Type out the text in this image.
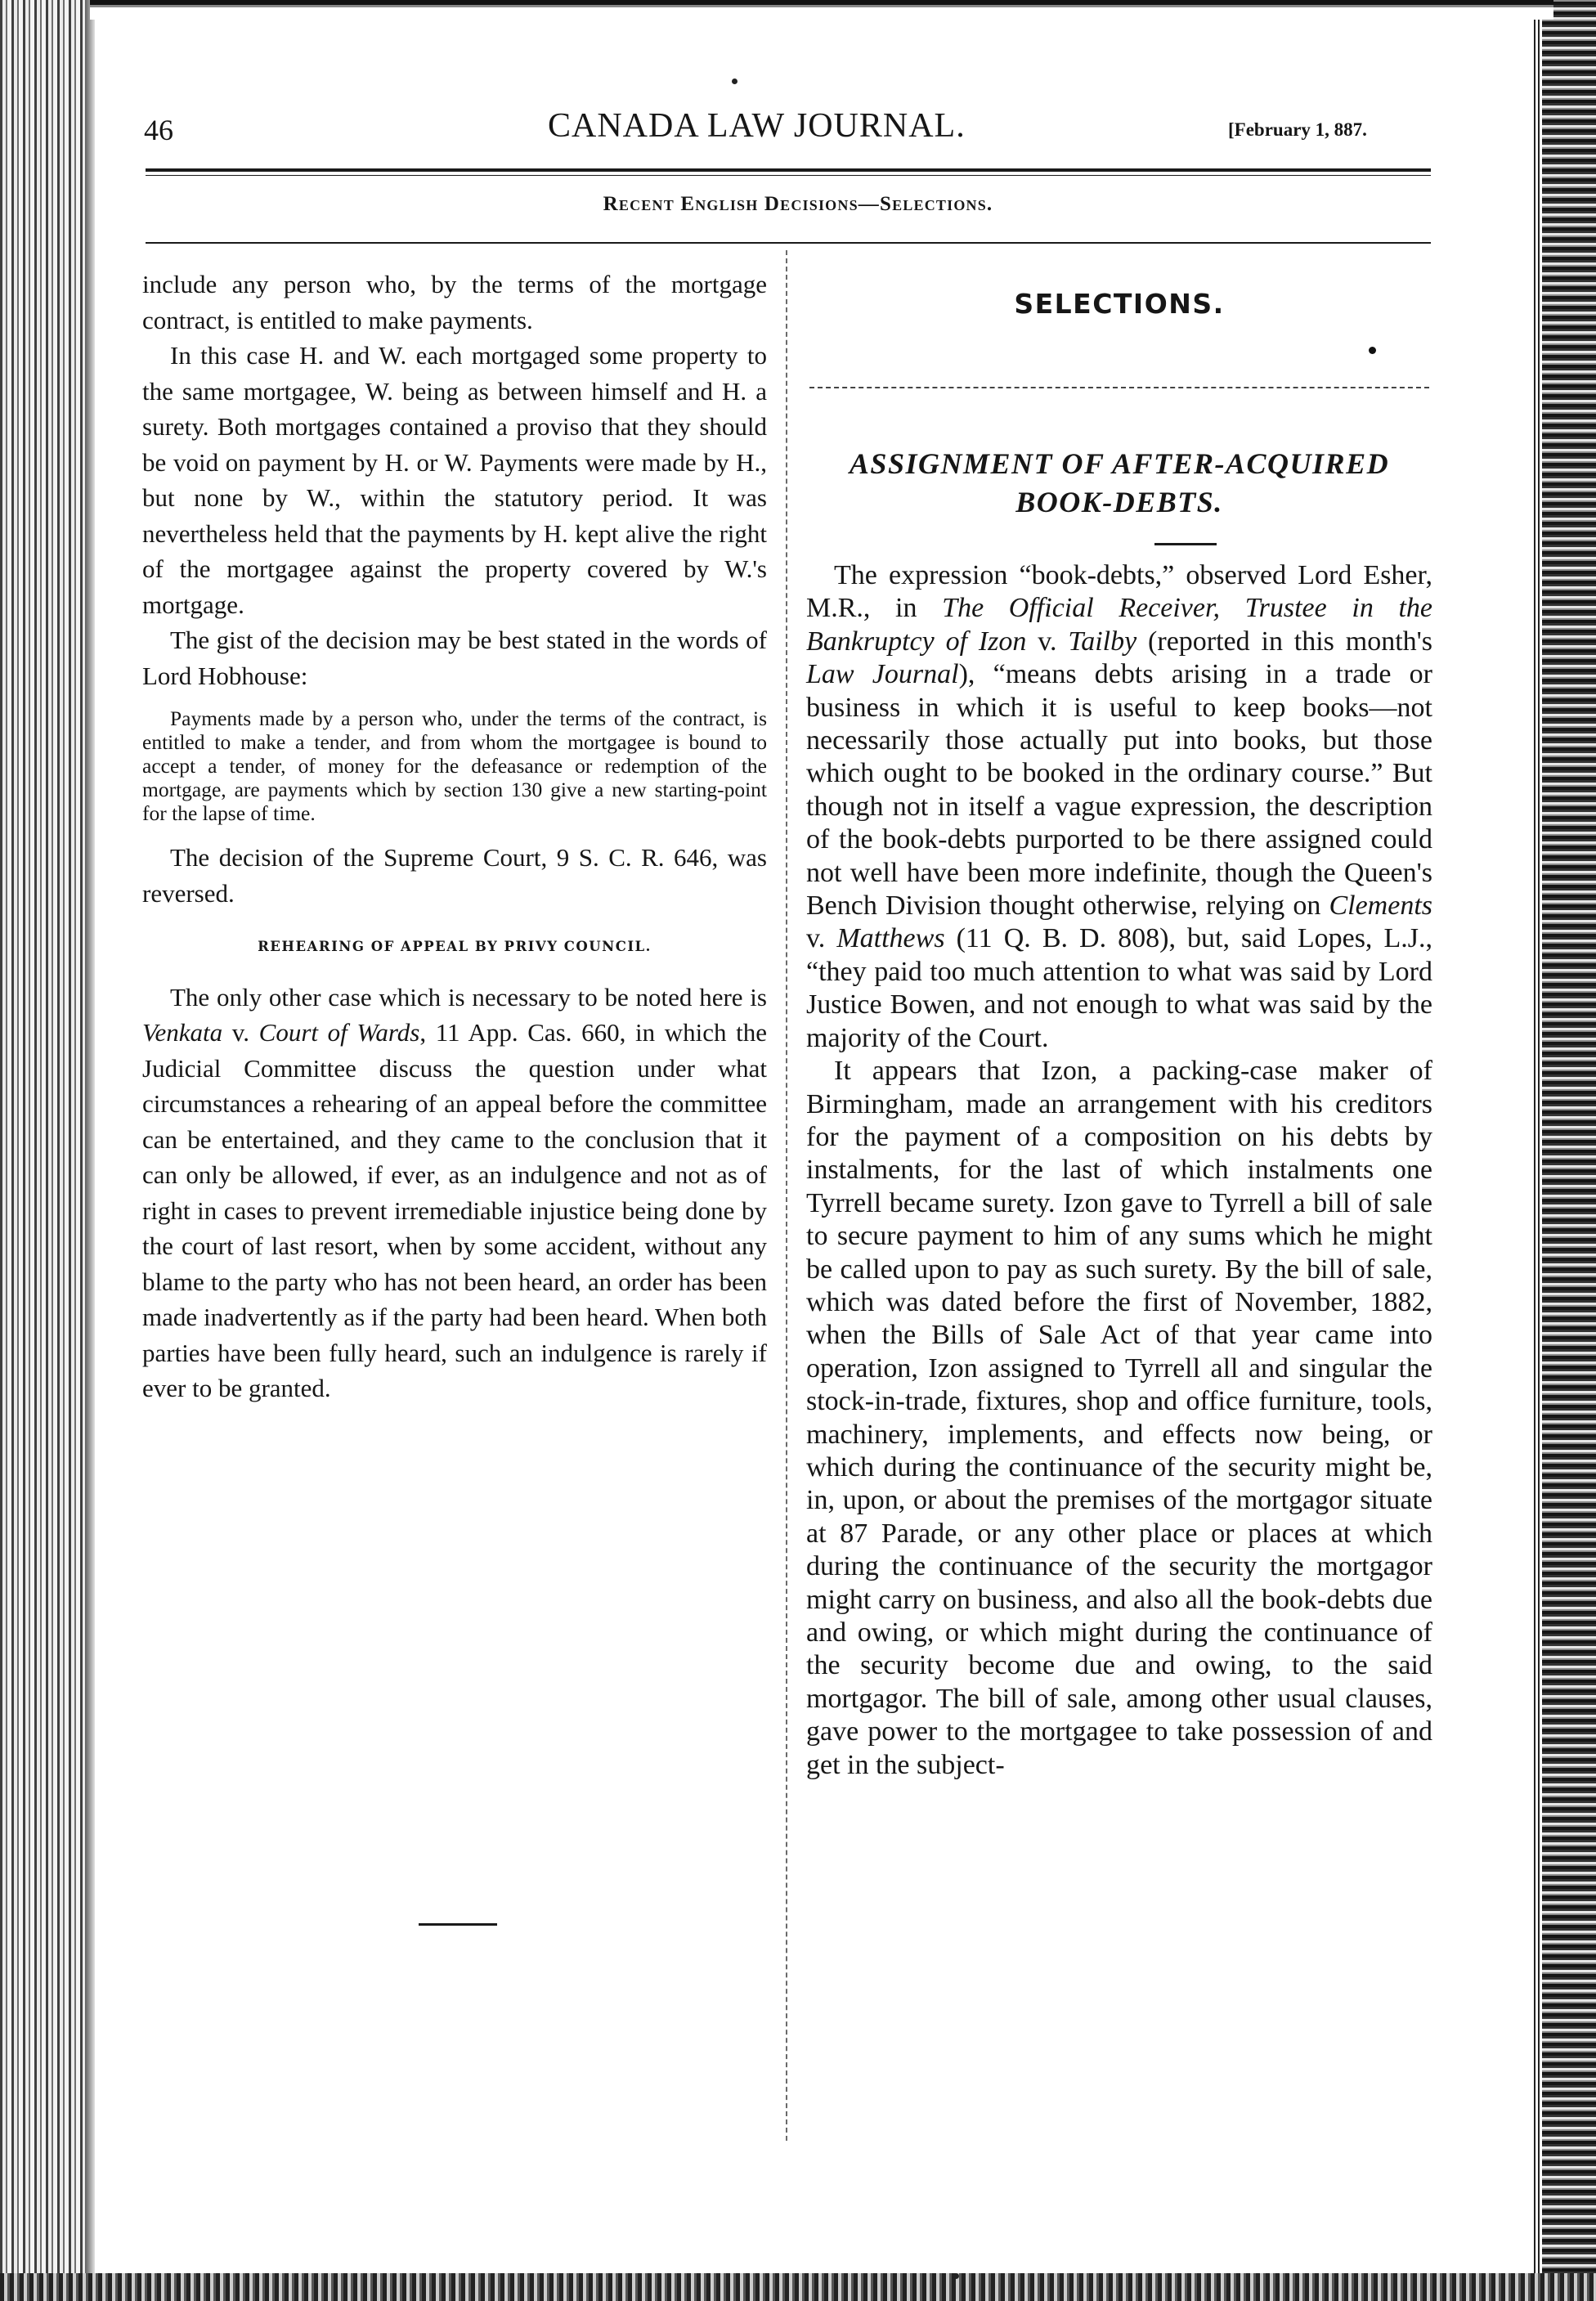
46	CANADA LAW JOURNAL.	[February 1, 887.
Recent English Decisions—Selections.

include any person who, by the terms of the mortgage contract, is entitled to make payments.

In this case H. and W. each mortgaged some property to the same mortgagee, W. being as between himself and H. a surety. Both mortgages contained a proviso that they should be void on payment by H. or W. Payments were made by H., but none by W., within the statutory period. It was nevertheless held that the payments by H. kept alive the right of the mortgagee against the property covered by W.'s mortgage.

The gist of the decision may be best stated in the words of Lord Hobhouse:

Payments made by a person who, under the terms of the contract, is entitled to make a tender, and from whom the mortgagee is bound to accept a tender, of money for the defeasance or redemption of the mortgage, are payments which by section 130 give a new starting-point for the lapse of time.

The decision of the Supreme Court, 9 S. C. R. 646, was reversed.

REHEARING OF APPEAL BY PRIVY COUNCIL.

The only other case which is necessary to be noted here is Venkata v. Court of Wards, 11 App. Cas. 660, in which the Judicial Committee discuss the question under what circumstances a rehearing of an appeal before the committee can be entertained, and they came to the conclusion that it can only be allowed, if ever, as an indulgence and not as of right in cases to prevent irremediable injustice being done by the court of last resort, when by some accident, without any blame to the party who has not been heard, an order has been made inadvertently as if the party had been heard. When both parties have been fully heard, such an indulgence is rarely if ever to be granted.

SELECTIONS.

ASSIGNMENT OF AFTER-ACQUIRED
BOOK-DEBTS.

The expression “book-debts,” observed Lord Esher, M.R., in The Official Receiver, Trustee in the Bankruptcy of Izon v. Tailby (reported in this month's Law Journal), “means debts arising in a trade or business in which it is useful to keep books—not necessarily those actually put into books, but those which ought to be booked in the ordinary course.” But though not in itself a vague expression, the description of the book-debts purported to be there assigned could not well have been more indefinite, though the Queen's Bench Division thought otherwise, relying on Clements v. Matthews (11 Q. B. D. 808), but, said Lopes, L.J., “they paid too much attention to what was said by Lord Justice Bowen, and not enough to what was said by the majority of the Court.

It appears that Izon, a packing-case maker of Birmingham, made an arrangement with his creditors for the payment of a composition on his debts by instalments, for the last of which instalments one Tyrrell became surety. Izon gave to Tyrrell a bill of sale to secure payment to him of any sums which he might be called upon to pay as such surety. By the bill of sale, which was dated before the first of November, 1882, when the Bills of Sale Act of that year came into operation, Izon assigned to Tyrrell all and singular the stock-in-trade, fixtures, shop and office furniture, tools, machinery, implements, and effects now being, or which during the continuance of the security might be, in, upon, or about the premises of the mortgagor situate at 87 Parade, or any other place or places at which during the continuance of the security the mortgagor might carry on business, and also all the book-debts due and owing, or which might during the continuance of the security become due and owing, to the said mortgagor. The bill of sale, among other usual clauses, gave power to the mortgagee to take possession of and get in the subject-
